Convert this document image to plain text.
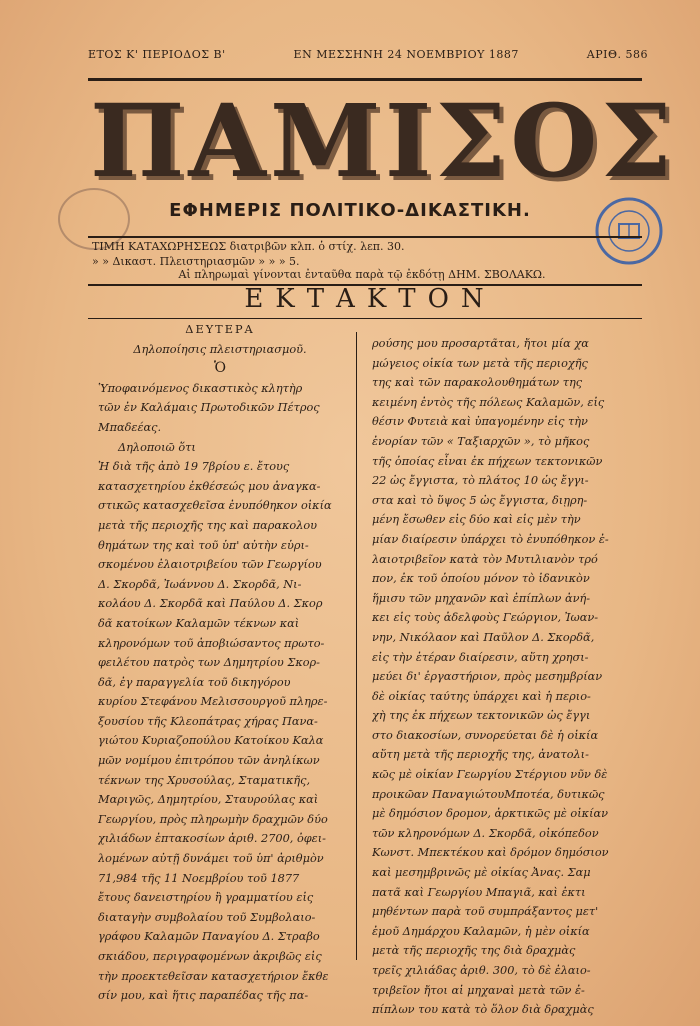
ΕΤΟΣ Κ' ΠΕΡΙΟΔΟΣ Β'	ΕΝ ΜΕΣΣΗΝΗ 24 ΝΟΕΜΒΡΙΟΥ 1887	ΑΡΙΘ. 586
ΠΑΜΙΣΟΣ
ΕΦΗΜΕΡΙΣ ΠΟΛΙΤΙΚΟ-ΔΙΚΑΣΤΙΚΗ.
ΤΙΜΗ ΚΑΤΑΧΩΡΗΣΕΩΣ διατριβῶν κλπ. ὁ στίχ. λεπ. 30.
» » Δικαστ. Πλειστηριασμῶν » » » 5.
Αἱ πληρωμαὶ γίνονται ἐνταῦθα παρὰ τῷ ἐκδότῃ ΔΗΜ. ΣΒΟΛΑΚΩ.
ΕΚΤΑΚΤΟΝ
ΔΕΥΤΕΡΑ
Δηλοποίησις πλειστηριασμοῦ.
Ὁ
Ὑποφαινόμενος δικαστικὸς κλητὴρ
τῶν ἐν Καλάμαις Πρωτοδικῶν Πέτρος
Μπαδεέας.
Δηλοποιῶ ὅτι
Ἡ διὰ τῆς ἀπὸ 19 7βρίου ε. ἔτους
κατασχετηρίου ἐκθέσεώς μου ἀναγκα-
στικῶς κατασχεθεῖσα ἐνυπόθηκον οἰκία
μετὰ τῆς περιοχῆς της καὶ παρακολου
θημάτων της καὶ τοῦ ὑπ' αὐτὴν εὑρι-
σκομένου ἐλαιοτριβείου τῶν Γεωργίου
Δ. Σκορδᾶ, Ἰωάννου Δ. Σκορδᾶ, Νι-
κολάου Δ. Σκορδᾶ καὶ Παύλου Δ. Σκορ
δᾶ κατοίκων Καλαμῶν τέκνων καὶ
κληρονόμων τοῦ ἀποβιώσαντος πρωτο-
φειλέτου πατρὸς των Δημητρίου Σκορ-
δᾶ, ἐγ παραγγελία τοῦ δικηγόρου
κυρίου Στεφάνου Μελισσουργοῦ πληρε-
ξουσίου τῆς Κλεοπάτρας χήρας Πανα-
γιώτου Κυριαζοπούλου Κατοίκου Καλα
μῶν νομίμου ἐπιτρόπου τῶν ἀνηλίκων
τέκνων της Χρυσούλας, Σταματικῆς,
Μαριγῶς, Δημητρίου, Σταυρούλας καὶ
Γεωργίου, πρὸς πληρωμὴν δραχμῶν δύο
χιλιάδων ἑπτακοσίων ἀριθ. 2700, ὀφει-
λομένων αὐτῇ δυνάμει τοῦ ὑπ' ἀριθμὸν
71,984 τῆς 11 Νοεμβρίου τοῦ 1877
ἔτους δανειστηρίου ἢ γραμματίου εἰς
διαταγὴν συμβολαίου τοῦ Συμβολαιο-
γράφου Καλαμῶν Παναγίου Δ. Στραβο
σκιάδου, περιγραφομένων ἀκριβῶς εἰς
τὴν προεκτεθεῖσαν κατασχετήριον ἔκθε
σίν μου, καὶ ἥτις παραπέδας τῆς πα-
ρούσης μου προσαρτᾶται, ἤτοι μία χα
μώγειος οἰκία των μετὰ τῆς περιοχῆς
της καὶ τῶν παρακολουθημάτων της
κειμένη ἐντὸς τῆς πόλεως Καλαμῶν, εἰς
θέσιν Φυτειὰ καὶ ὑπαγομένην εἰς τὴν
ἐνορίαν τῶν « Ταξιαρχῶν », τὸ μῆκος
τῆς ὁποίας εἶναι ἐκ πήχεων τεκτονικῶν
22 ὡς ἔγγιστα, τὸ πλάτος 10 ὡς ἔγγι-
στα καὶ τὸ ὕψος 5 ὡς ἔγγιστα, διῃρη-
μένη ἔσωθεν εἰς δύο καὶ εἰς μὲν τὴν
μίαν διαίρεσιν ὑπάρχει τὸ ἐνυπόθηκον ἐ-
λαιοτριβεῖον κατὰ τὸν Μυτιλιανὸν τρό
πον, ἐκ τοῦ ὁποίου μόνον τὸ ἰδανικὸν
ἥμισυ τῶν μηχανῶν καὶ ἐπίπλων ἀνή-
κει εἰς τοὺς ἀδελφοὺς Γεώργιον, Ἰωαν-
νην, Νικόλαον καὶ Παῦλον Δ. Σκορδᾶ,
εἰς τὴν ἑτέραν διαίρεσιν, αὕτη χρησι-
μεύει δι' ἐργαστήριον, πρὸς μεσημβρίαν
δὲ οἰκίας ταύτης ὑπάρχει καὶ ἡ περιο-
χὴ της ἐκ πήχεων τεκτονικῶν ὡς ἔγγι
στο διακοσίων, συνορεύεται δὲ ἡ οἰκία
αὕτη μετὰ τῆς περιοχῆς της, ἀνατολι-
κῶς μὲ οἰκίαν Γεωργίου Στέργιου νῦν δὲ
προικῶαν ΠαναγιώτουΜποτέα, δυτικῶς
μὲ δημόσιον δρομον, ἀρκτικῶς μὲ οἰκίαν
τῶν κληρονόμων Δ. Σκορδᾶ, οἰκόπεδον
Κωνστ. Μπεκτέκου καὶ δρόμον δημόσιον
καὶ μεσημβρινῶς μὲ οἰκίας Ἀνας. Σαμ
πατᾶ καὶ Γεωργίου Μπαγιᾶ, καὶ ἐκτι
μηθέντων παρὰ τοῦ συμπράξαντος μετ'
ἐμοῦ Δημάρχου Καλαμῶν, ἡ μὲν οἰκία
μετὰ τῆς περιοχῆς της διὰ δραχμὰς
τρεῖς χιλιάδας ἀριθ. 300, τὸ δὲ ἐλαιο-
τριβεῖον ἤτοι αἱ μηχαναὶ μετὰ τῶν ἐ-
πίπλων του κατὰ τὸ ὅλον διὰ δραχμὰς
